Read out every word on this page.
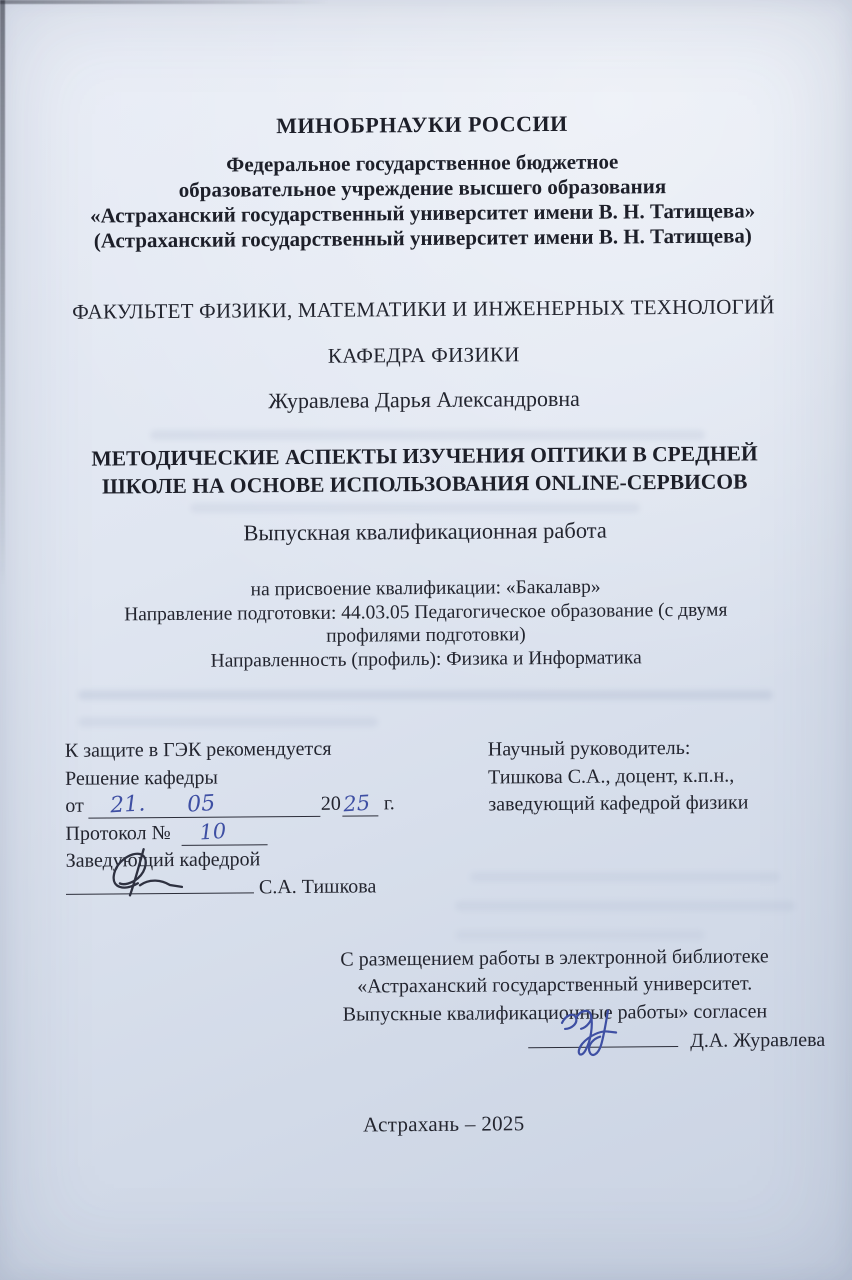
МИНОБРНАУКИ РОССИИ
Федеральное государственное бюджетное
образовательное учреждение высшего образования
«Астраханский государственный университет имени В. Н. Татищева»
(Астраханский государственный университет имени В. Н. Татищева)
ФАКУЛЬТЕТ ФИЗИКИ, МАТЕМАТИКИ И ИНЖЕНЕРНЫХ ТЕХНОЛОГИЙ
КАФЕДРА ФИЗИКИ
Журавлева Дарья Александровна
МЕТОДИЧЕСКИЕ АСПЕКТЫ ИЗУЧЕНИЯ ОПТИКИ В СРЕДНЕЙ
ШКОЛЕ НА ОСНОВЕ ИСПОЛЬЗОВАНИЯ ONLINE-СЕРВИСОВ
Выпускная квалификационная работа
на присвоение квалификации: «Бакалавр»
Направление подготовки: 44.03.05 Педагогическое образование (с двумя
профилями подготовки)
Направленность (профиль): Физика и Информатика
К защите в ГЭК рекомендуется
Решение кафедры
от 21. 05	20 25 г.
Протокол № 10
Заведующий кафедрой
С.А. Тишкова
Научный руководитель:
Тишкова С.А., доцент, к.п.н.,
заведующий кафедрой физики
С размещением работы в электронной библиотеке
«Астраханский государственный университет.
Выпускные квалификационные работы» согласен
Д.А. Журавлева
Астрахань – 2025
